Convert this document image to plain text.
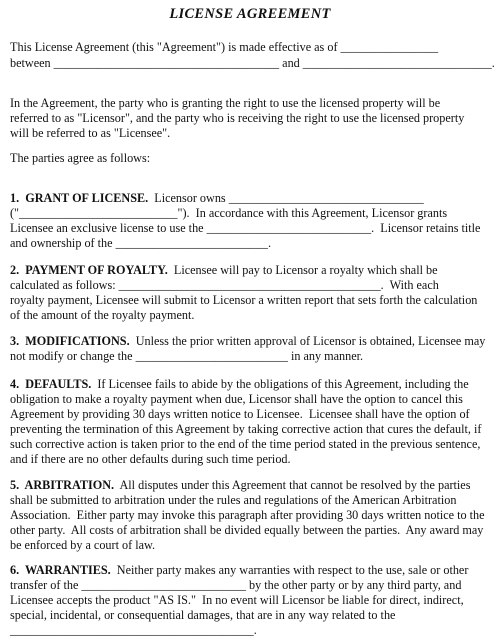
LICENSE AGREEMENT
This License Agreement (this "Agreement") is made effective as of ________________
between _____________________________________ and _______________________________.
In the Agreement, the party who is granting the right to use the licensed property will be
referred to as "Licensor", and the party who is receiving the right to use the licensed property
will be referred to as "Licensee".
The parties agree as follows:
1.  GRANT OF LICENSE.  Licensor owns ________________________________
("__________________________").  In accordance with this Agreement, Licensor grants
Licensee an exclusive license to use the ___________________________.  Licensor retains title
and ownership of the _________________________.
2.  PAYMENT OF ROYALTY.  Licensee will pay to Licensor a royalty which shall be
calculated as follows: ___________________________________________.  With each
royalty payment, Licensee will submit to Licensor a written report that sets forth the calculation
of the amount of the royalty payment.
3.  MODIFICATIONS.  Unless the prior written approval of Licensor is obtained, Licensee may
not modify or change the _________________________ in any manner.
4.  DEFAULTS.  If Licensee fails to abide by the obligations of this Agreement, including the
obligation to make a royalty payment when due, Licensor shall have the option to cancel this
Agreement by providing 30 days written notice to Licensee.  Licensee shall have the option of
preventing the termination of this Agreement by taking corrective action that cures the default, if
such corrective action is taken prior to the end of the time period stated in the previous sentence,
and if there are no other defaults during such time period.
5.  ARBITRATION.  All disputes under this Agreement that cannot be resolved by the parties
shall be submitted to arbitration under the rules and regulations of the American Arbitration
Association.  Either party may invoke this paragraph after providing 30 days written notice to the
other party.  All costs of arbitration shall be divided equally between the parties.  Any award may
be enforced by a court of law.
6.  WARRANTIES.  Neither party makes any warranties with respect to the use, sale or other
transfer of the ___________________________ by the other party or by any third party, and
Licensee accepts the product "AS IS."  In no event will Licensor be liable for direct, indirect,
special, incidental, or consequential damages, that are in any way related to the
________________________________________.
